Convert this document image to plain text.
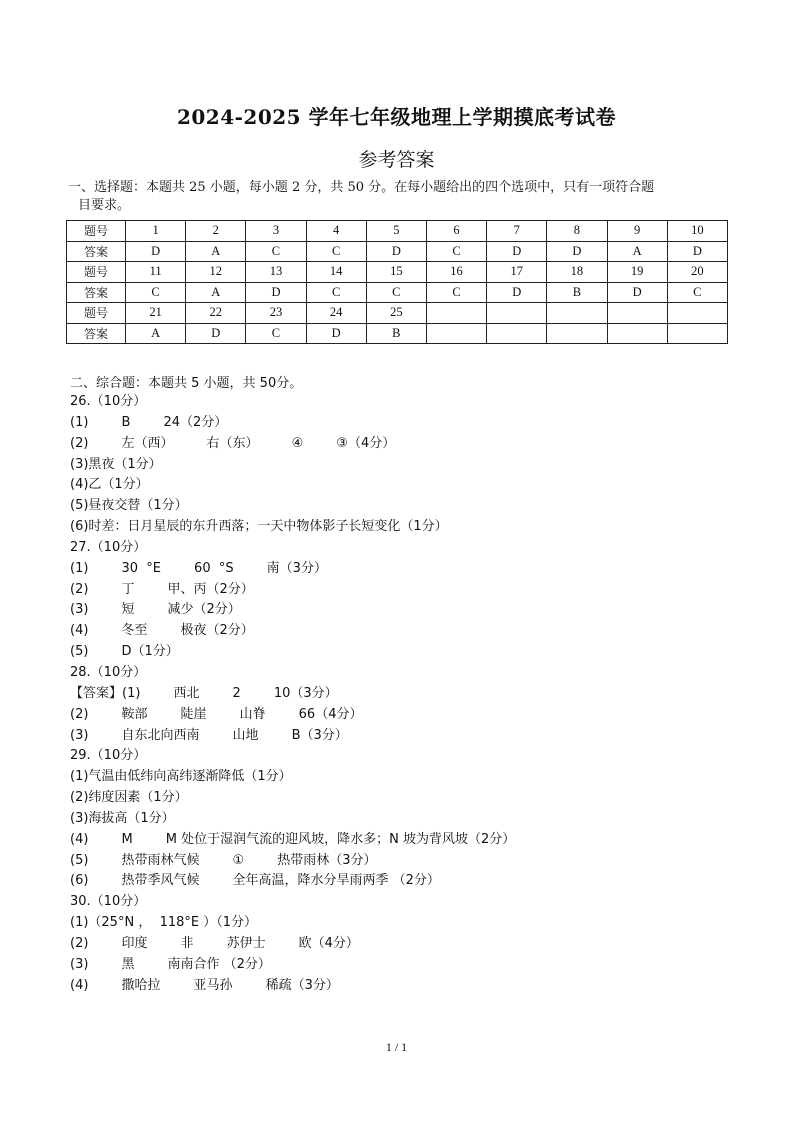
2024-2025 学年七年级地理上学期摸底考试卷
参考答案
一、选择题：本题共 25 小题，每小题 2 分，共 50 分。在每小题给出的四个选项中，只有一项符合题
目要求。
题号	1	2	3	4	5	6	7	8	9	10
答案	D	A	C	C	D	C	D	D	A	D
题号	11	12	13	14	15	16	17	18	19	20
答案	C	A	D	C	C	C	D	B	D	C
题号	21	22	23	24	25					
答案	A	D	C	D	B					
二、综合题：本题共 5 小题，共 50分。
26.（10分）
(1)        B        24（2分）
(2)        左（西）        右（东）        ④        ③（4分）
(3)黑夜（1分）
(4)乙（1分）
(5)昼夜交替（1分）
(6)时差：日月星辰的东升西落；一天中物体影子长短变化（1分）
27.（10分）
(1)        30  °E        60  °S        南（3分）
(2)        丁        甲、丙（2分）
(3)        短        减少（2分）
(4)        冬至        极夜（2分）
(5)        D（1分）
28.（10分）
【答案】(1)        西北        2        10（3分）
(2)        鞍部        陡崖        山脊        66（4分）
(3)        自东北向西南        山地        B（3分）
29.（10分）
(1)气温由低纬向高纬逐渐降低（1分）
(2)纬度因素（1分）
(3)海拔高（1分）
(4)        M        M 处位于湿润气流的迎风坡，降水多；N 坡为背风坡（2分）
(5)        热带雨林气候        ①        热带雨林（3分）
(6)        热带季风气候        全年高温，降水分旱雨两季 （2分）
30.（10分）
(1)（25°N ，  118°E ）（1分）
(2)        印度        非        苏伊士        欧（4分）
(3)        黑        南南合作 （2分）
(4)        撒哈拉        亚马孙        稀疏（3分）
1 / 1
